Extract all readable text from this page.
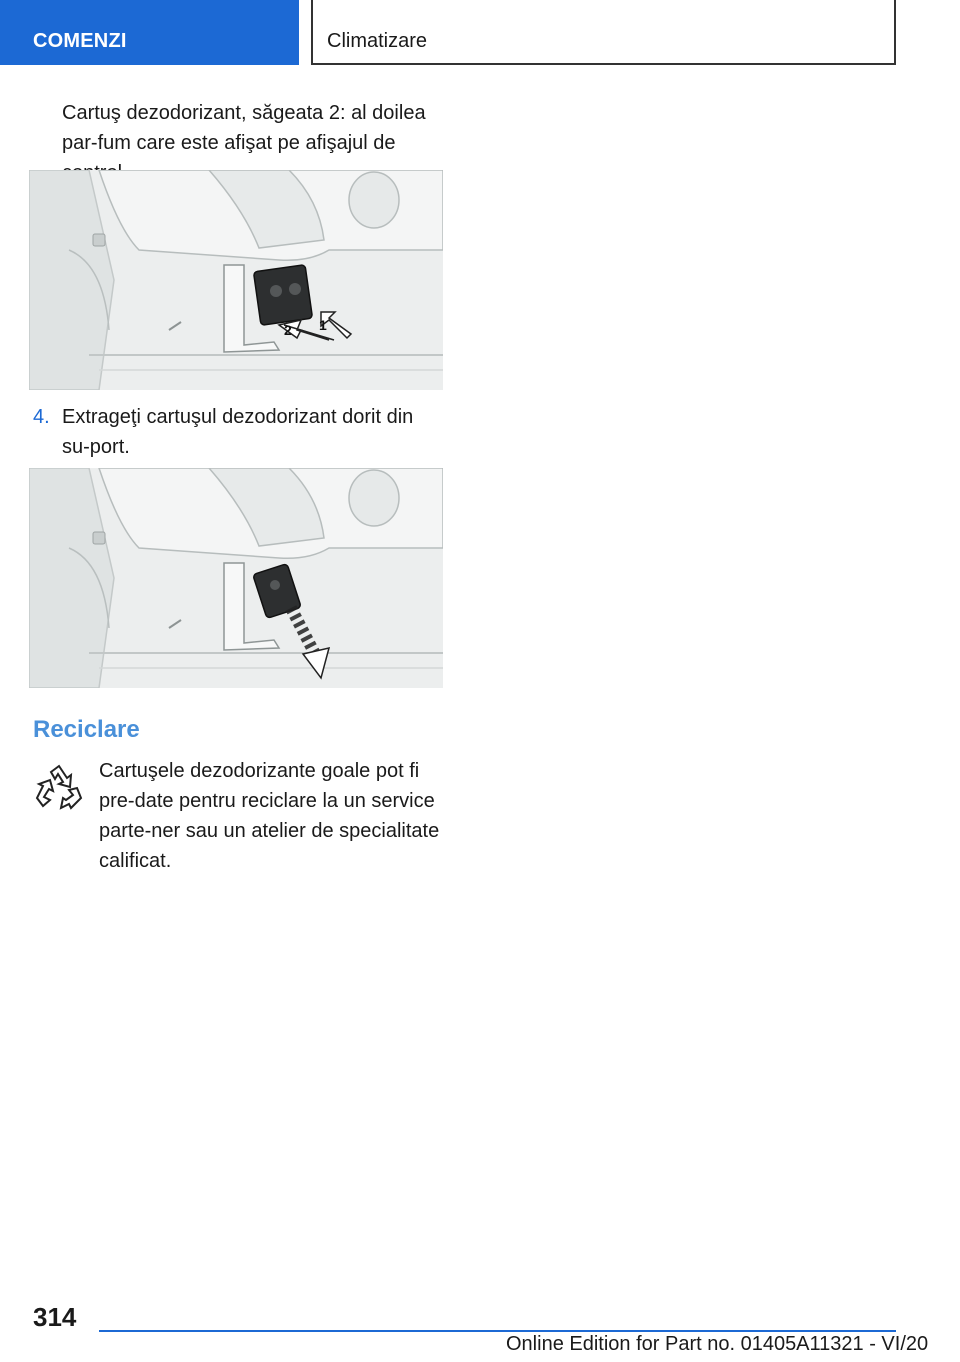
COMENZI	Climatizare
Cartuş dezodorizant, săgeata 2: al doilea par-fum care este afişat pe afişajul de
2 1
4. Extrageţi cartuşul dezodorizant dorit din su-port.
Reciclare
Cartuşele dezodorizante goale pot fi pre-date pentru reciclare la un service parte-ner sau un atelier de specialitate calificat.
314
Online Edition for Part no. 01405A11321 - VI/20
